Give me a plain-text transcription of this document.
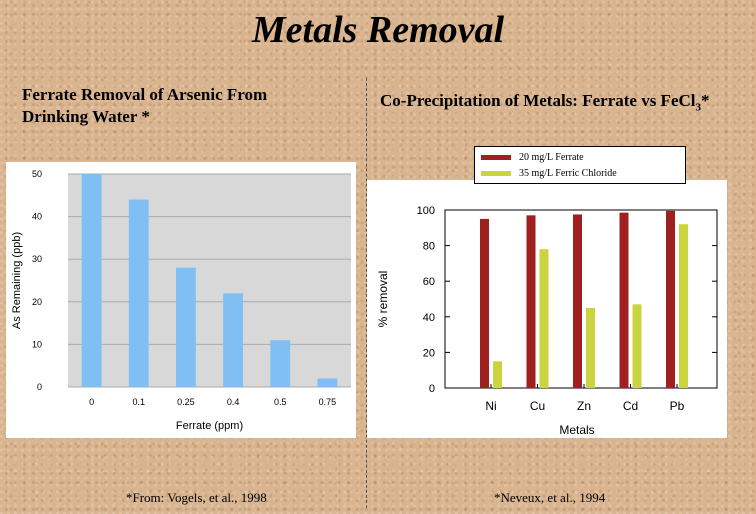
Metals Removal
Ferrate Removal of Arsenic From
Drinking Water *
Co-Precipitation of Metals: Ferrate vs FeCl$_3$*
0
10
20
30
40
50
0	0.1	0.25	0.4	0.5	0.75
Ferrate (ppm)
As Remaining (ppb)
0
20
40
60
80
100
Ni	Cu	Zn	Cd	Pb
Metals
% removal
20 mg/L Ferrate
35 mg/L Ferric Chloride
*From: Vogels, et al., 1998	*Neveux, et al., 1994
